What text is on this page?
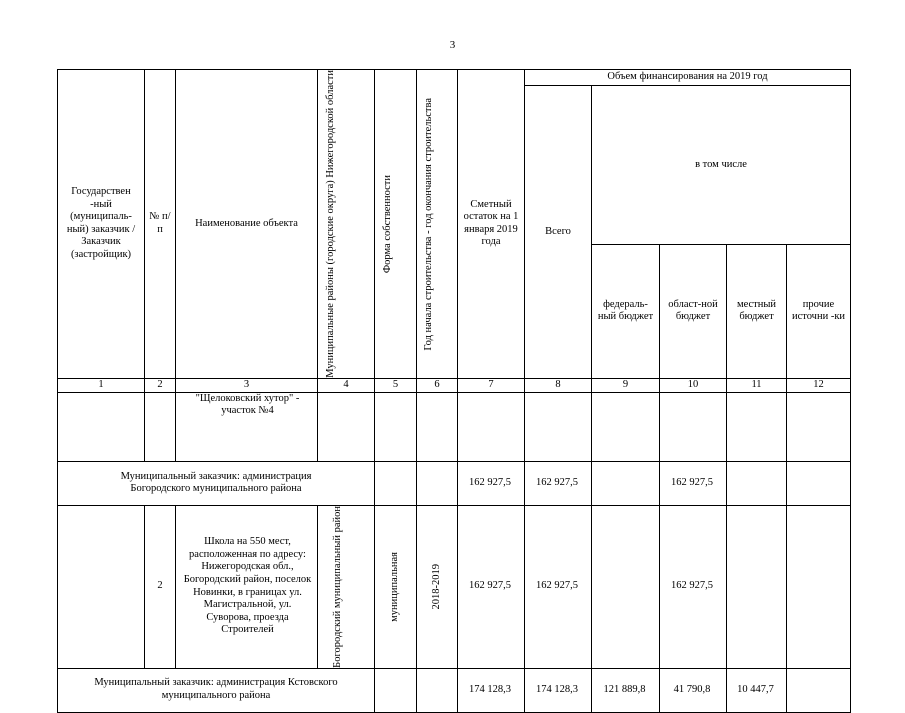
3
Государствен -ный (муниципаль-ный) заказчик / Заказчик (застройщик)	№ п/п	Наименование объекта	Муниципальные районы (городские округа) Нижегородской области	Форма собственности	Год начала строительства - год окончания строительства	Сметный остаток на 1 января 2019 года	Объем финансирования на 2019 год				
							Всего	в том числе			
								федераль-ный бюджет	област-ной бюджет	местный бюджет	прочие источни -ки
1	2	3	4	5	6	7	8	9	10	11	12
		"Щелоковский хутор" - участок №4									
Муниципальный заказчик: администрация Богородского муниципального района						162 927,5	162 927,5		162 927,5		
	2	Школа на 550 мест, расположенная по адресу: Нижегородская обл., Богородский район, поселок Новинки, в границах ул. Магистральной, ул. Суворова, проезда Строителей	Богородский муниципальный район	муниципальная	2018-2019	162 927,5	162 927,5		162 927,5		
Муниципальный заказчик: администрация Кстовского муниципального района						174 128,3	174 128,3	121 889,8	41 790,8	10 447,7	
